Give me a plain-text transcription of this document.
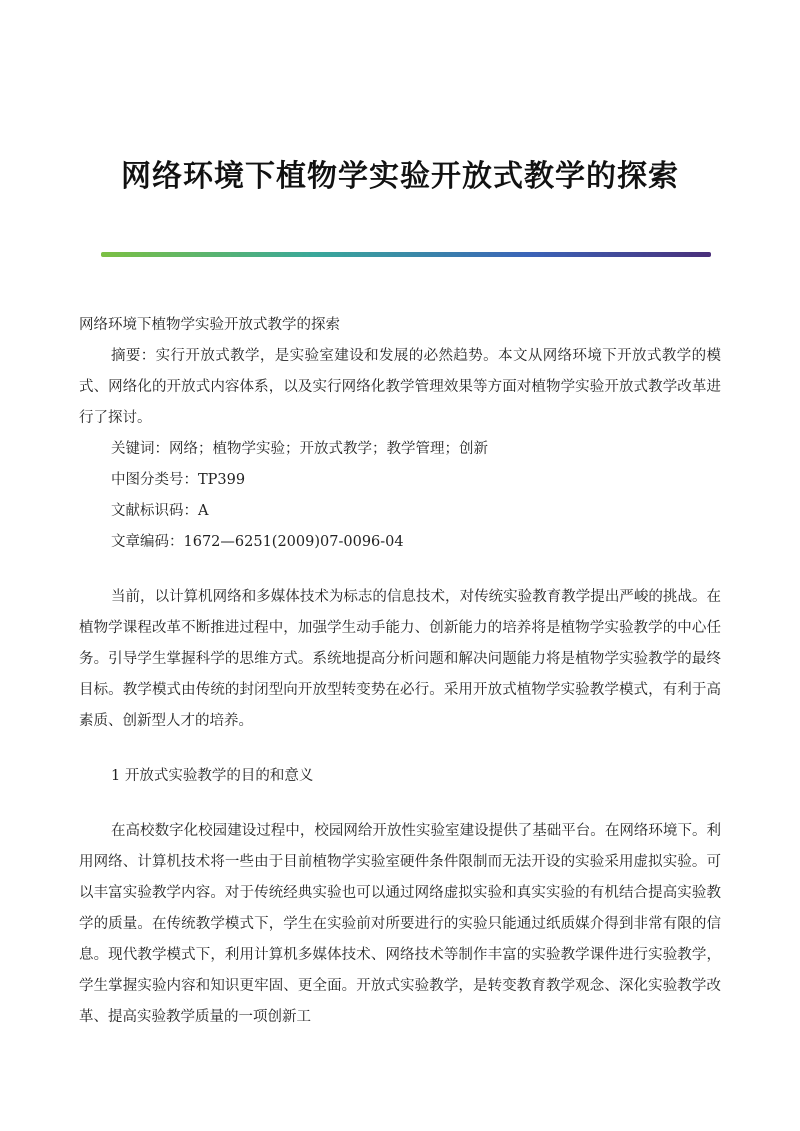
网络环境下植物学实验开放式教学的探索

网络环境下植物学实验开放式教学的探索

摘要：实行开放式教学，是实验室建设和发展的必然趋势。本文从网络环境下开放式教学的模式、网络化的开放式内容体系，以及实行网络化教学管理效果等方面对植物学实验开放式教学改革进行了探讨。

关键词：网络；植物学实验；开放式教学；教学管理；创新

中图分类号：TP399

文献标识码：A

文章编码：1672—6251(2009)07-0096-04

当前，以计算机网络和多媒体技术为标志的信息技术，对传统实验教育教学提出严峻的挑战。在植物学课程改革不断推进过程中，加强学生动手能力、创新能力的培养将是植物学实验教学的中心任务。引导学生掌握科学的思维方式。系统地提高分析问题和解决问题能力将是植物学实验教学的最终目标。教学模式由传统的封闭型向开放型转变势在必行。采用开放式植物学实验教学模式，有利于高素质、创新型人才的培养。

1 开放式实验教学的目的和意义

在高校数字化校园建设过程中，校园网给开放性实验室建设提供了基础平台。在网络环境下。利用网络、计算机技术将一些由于目前植物学实验室硬件条件限制而无法开设的实验采用虚拟实验。可以丰富实验教学内容。对于传统经典实验也可以通过网络虚拟实验和真实实验的有机结合提高实验教学的质量。在传统教学模式下，学生在实验前对所要进行的实验只能通过纸质媒介得到非常有限的信息。现代教学模式下，利用计算机多媒体技术、网络技术等制作丰富的实验教学课件进行实验教学，学生掌握实验内容和知识更牢固、更全面。开放式实验教学，是转变教育教学观念、深化实验教学改革、提高实验教学质量的一项创新工
